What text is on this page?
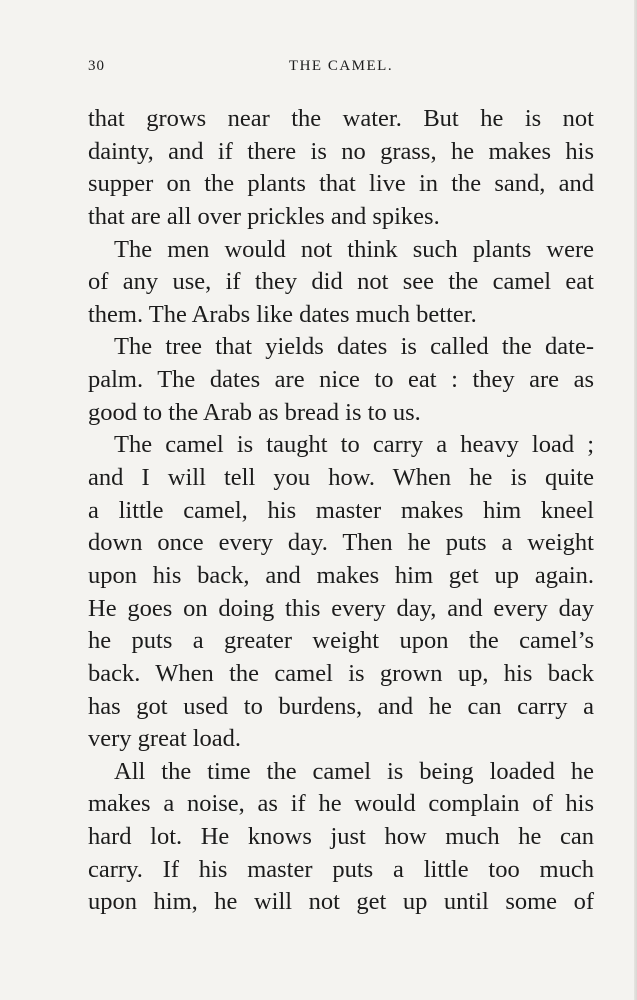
30	THE CAMEL.
that grows near the water. But he is not
dainty, and if there is no grass, he makes his
supper on the plants that live in the sand, and
that are all over prickles and spikes.
The men would not think such plants were
of any use, if they did not see the camel eat
them. The Arabs like dates much better.
The tree that yields dates is called the date-
palm. The dates are nice to eat : they are as
good to the Arab as bread is to us.
The camel is taught to carry a heavy load ;
and I will tell you how. When he is quite
a little camel, his master makes him kneel
down once every day. Then he puts a weight
upon his back, and makes him get up again.
He goes on doing this every day, and every day
he puts a greater weight upon the camel’s
back. When the camel is grown up, his back
has got used to burdens, and he can carry a
very great load.
All the time the camel is being loaded he
makes a noise, as if he would complain of his
hard lot. He knows just how much he can
carry. If his master puts a little too much
upon him, he will not get up until some of
